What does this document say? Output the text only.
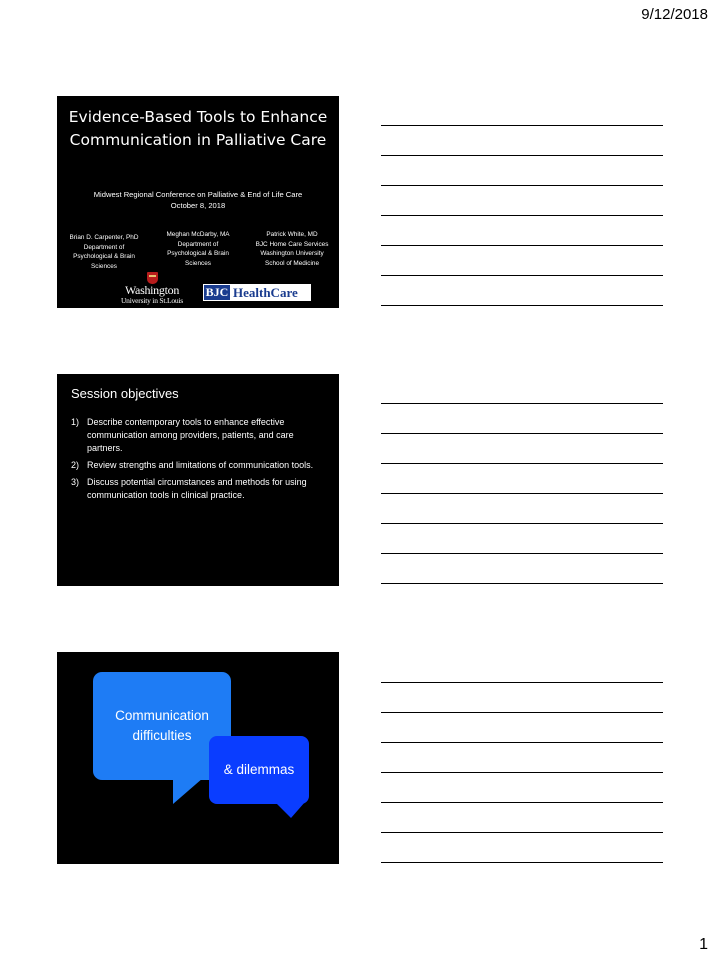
9/12/2018
Evidence-Based Tools to Enhance
Communication in Palliative Care
Midwest Regional Conference on Palliative & End of Life Care
October 8, 2018
Brian D. Carpenter, PhD
Department of
Psychological & Brain
Sciences
Meghan McDarby, MA
Department of
Psychological & Brain
Sciences
Patrick White, MD
BJC Home Care Services
Washington University
School of Medicine
Washington
University in St.Louis
BJC HealthCare
Session objectives
1) Describe contemporary tools to enhance effective communication among providers, patients, and care partners.
2) Review strengths and limitations of communication tools.
3) Discuss potential circumstances and methods for using communication tools in clinical practice.
Communication
difficulties
& dilemmas
1
